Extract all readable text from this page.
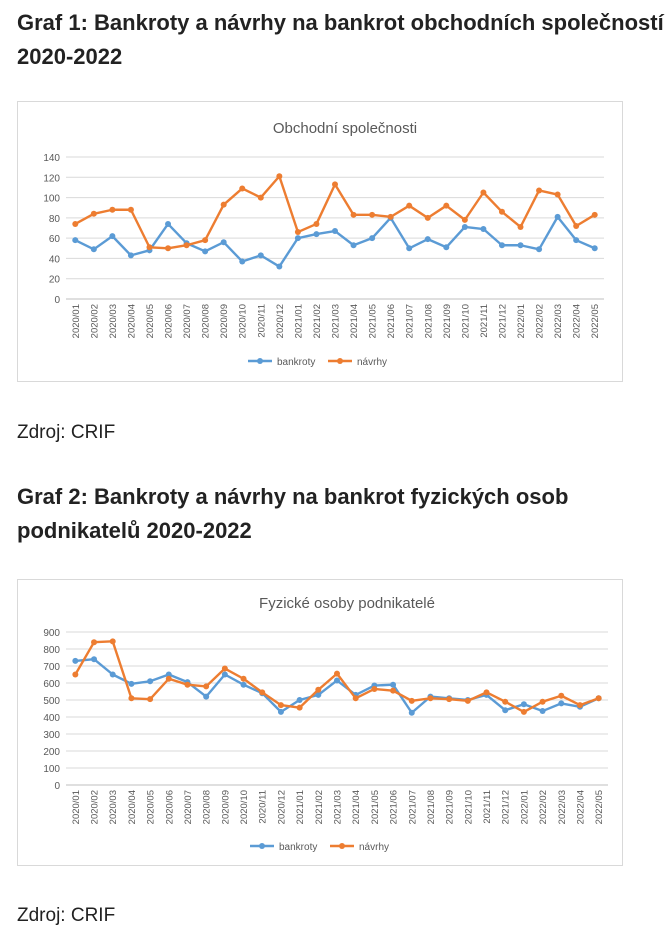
Graf 1: Bankroty a návrhy na bankrot obchodních společností
2020-2022
Obchodní společnosti
0
20
40
60
80
100
120
140
2020/01 2020/02 2020/03 2020/04 2020/05 2020/06 2020/07 2020/08 2020/09 2020/10 2020/11 2020/12 2021/01 2021/02 2021/03 2021/04 2021/05 2021/06 2021/07 2021/08 2021/09 2021/10 2021/11 2021/12 2022/01 2022/02 2022/03 2022/04 2022/05
bankroty	návrhy

Zdroj: CRIF

Graf 2: Bankroty a návrhy na bankrot fyzických osob
podnikatelů 2020-2022
Fyzické osoby podnikatelé
0
100
200
300
400
500
600
700
800
900
2020/01 2020/02 2020/03 2020/04 2020/05 2020/06 2020/07 2020/08 2020/09 2020/10 2020/11 2020/12 2021/01 2021/02 2021/03 2021/04 2021/05 2021/06 2021/07 2021/08 2021/09 2021/10 2021/11 2021/12 2022/01 2022/02 2022/03 2022/04 2022/05
bankroty	návrhy

Zdroj: CRIF
